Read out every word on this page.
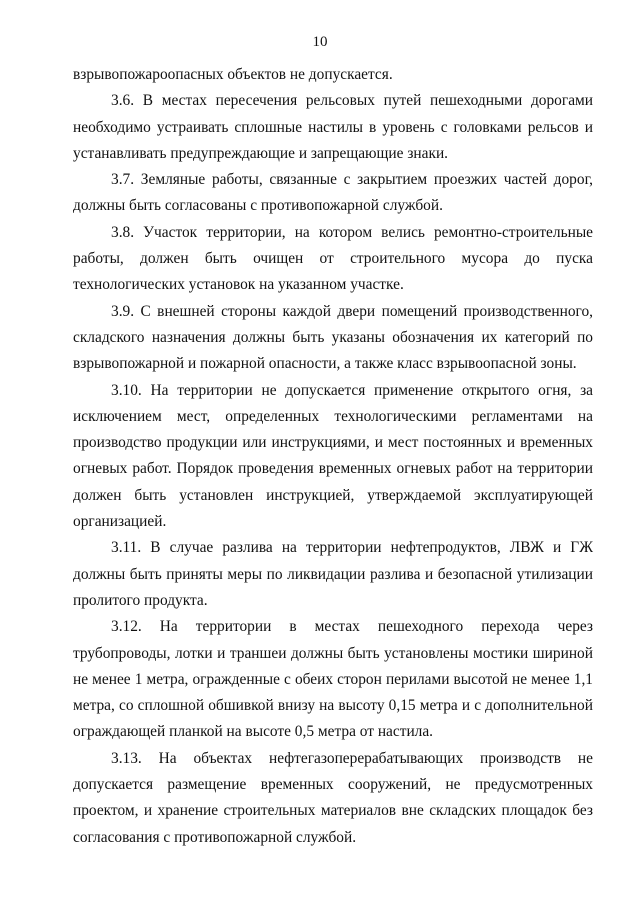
10

взрывопожароопасных объектов не допускается.

3.6. В местах пересечения рельсовых путей пешеходными дорогами необходимо устраивать сплошные настилы в уровень с головками рельсов и устанавливать предупреждающие и запрещающие знаки.

3.7. Земляные работы, связанные с закрытием проезжих частей дорог, должны быть согласованы с противопожарной службой.

3.8. Участок территории, на котором велись ремонтно-строительные работы, должен быть очищен от строительного мусора до пуска технологических установок на указанном участке.

3.9. С внешней стороны каждой двери помещений производственного, складского назначения должны быть указаны обозначения их категорий по взрывопожарной и пожарной опасности, а также класс взрывоопасной зоны.

3.10. На территории не допускается применение открытого огня, за исключением мест, определенных технологическими регламентами на производство продукции или инструкциями, и мест постоянных и временных огневых работ. Порядок проведения временных огневых работ на территории должен быть установлен инструкцией, утверждаемой эксплуатирующей организацией.

3.11. В случае разлива на территории нефтепродуктов, ЛВЖ и ГЖ должны быть приняты меры по ликвидации разлива и безопасной утилизации пролитого продукта.

3.12. На территории в местах пешеходного перехода через трубопроводы, лотки и траншеи должны быть установлены мостики шириной не менее 1 метра, огражденные с обеих сторон перилами высотой не менее 1,1 метра, со сплошной обшивкой внизу на высоту 0,15 метра и с дополнительной ограждающей планкой на высоте 0,5 метра от настила.

3.13. На объектах нефтегазоперерабатывающих производств не допускается размещение временных сооружений, не предусмотренных проектом, и хранение строительных материалов вне складских площадок без согласования с противопожарной службой.
